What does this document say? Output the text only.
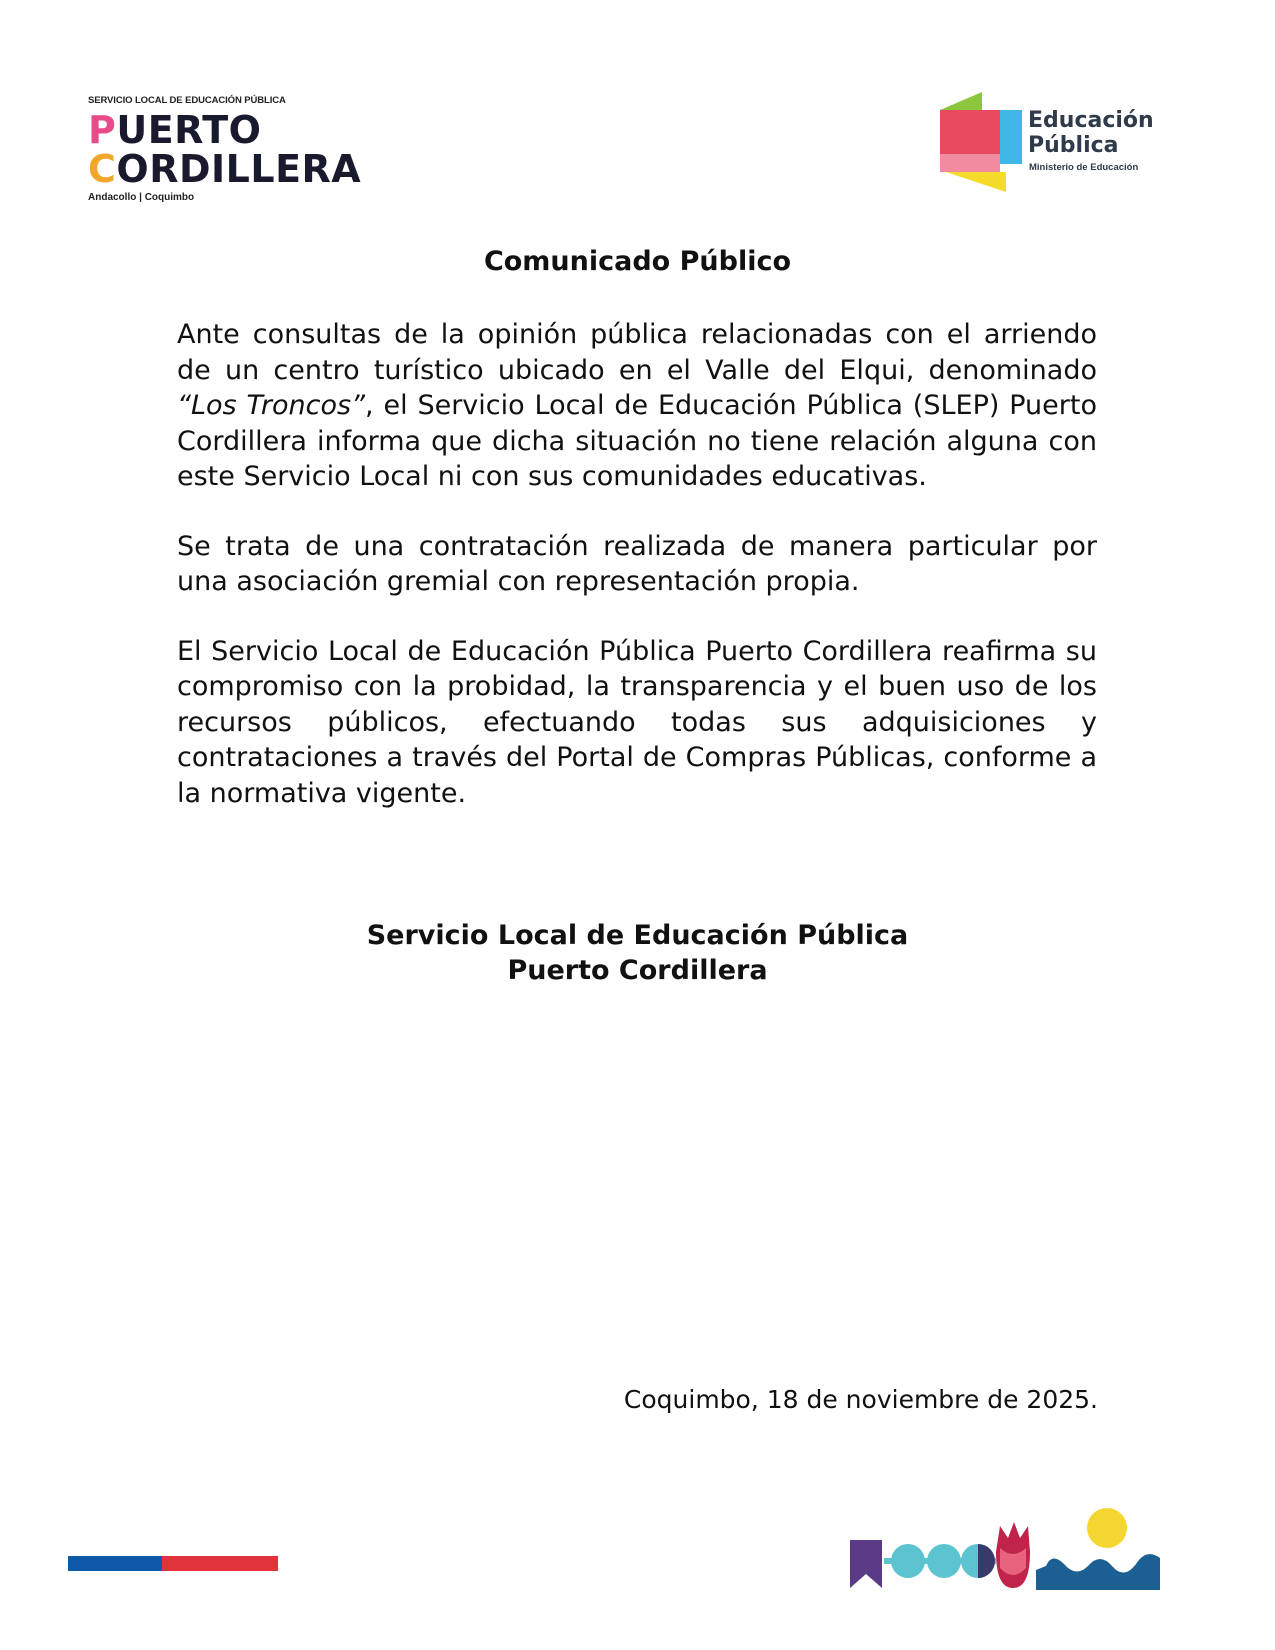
SERVICIO LOCAL DE EDUCACIÓN PÚBLICA
PUERTO
CORDILLERA
Andacollo | Coquimbo
Educación
Pública
Ministerio de Educación
Comunicado Público

Ante consultas de la opinión pública relacionadas con el arriendo de un centro turístico ubicado en el Valle del Elqui, denominado “Los Troncos”, el Servicio Local de Educación Pública (SLEP) Puerto Cordillera informa que dicha situación no tiene relación alguna con este Servicio Local ni con sus comunidades educativas.

Se trata de una contratación realizada de manera particular por una asociación gremial con representación propia.

El Servicio Local de Educación Pública Puerto Cordillera reafirma su compromiso con la probidad, la transparencia y el buen uso de los recursos públicos, efectuando todas sus adquisiciones y contrataciones a través del Portal de Compras Públicas, conforme a la normativa vigente.

Servicio Local de Educación Pública
Puerto Cordillera
Coquimbo, 18 de noviembre de 2025.
